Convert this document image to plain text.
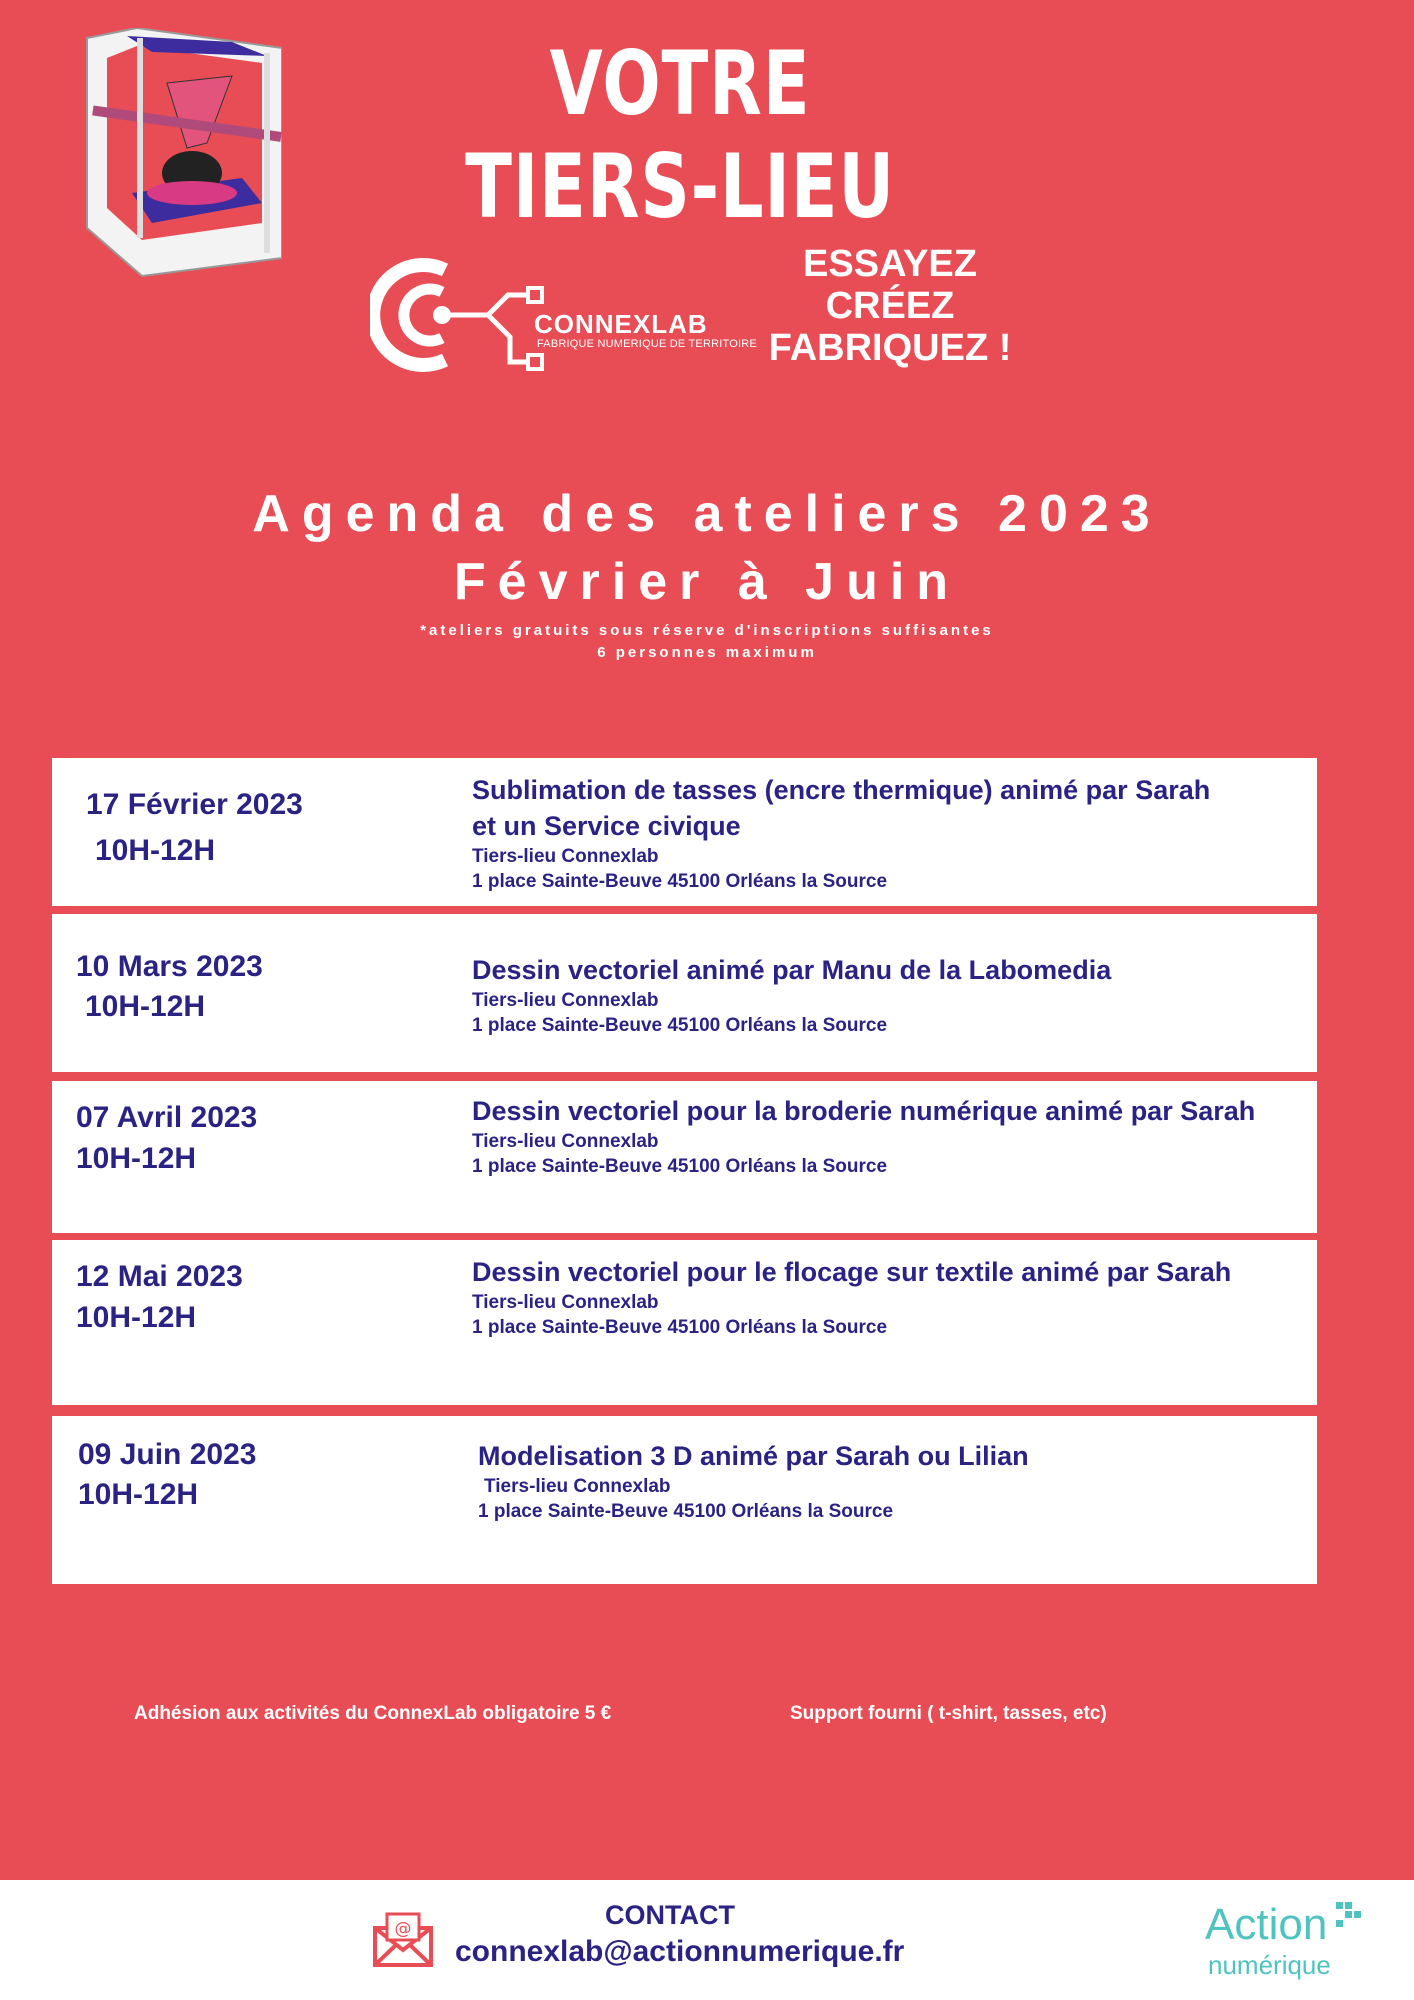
VOTRE TIERS-LIEU
CONNEXLAB
FABRIQUE NUMERIQUE DE TERRITOIRE
ESSAYEZ
CRÉEZ
FABRIQUEZ !
Agenda des ateliers 2023
Février à Juin
*ateliers gratuits sous réserve d'inscriptions suffisantes
6 personnes maximum
17 Février 2023
10H-12H
Sublimation de tasses (encre thermique) animé par Sarah
et un Service civique
Tiers-lieu Connexlab
1 place Sainte-Beuve 45100 Orléans la Source
10 Mars 2023
10H-12H
Dessin vectoriel animé par Manu de la Labomedia
Tiers-lieu Connexlab
1 place Sainte-Beuve 45100 Orléans la Source
07 Avril 2023
10H-12H
Dessin vectoriel pour la broderie numérique animé par Sarah
Tiers-lieu Connexlab
1 place Sainte-Beuve 45100 Orléans la Source
12 Mai 2023
10H-12H
Dessin vectoriel pour le flocage sur textile animé par Sarah
Tiers-lieu Connexlab
1 place Sainte-Beuve 45100 Orléans la Source
09 Juin 2023
10H-12H
Modelisation 3 D animé par Sarah ou Lilian
Tiers-lieu Connexlab
1 place Sainte-Beuve 45100 Orléans la Source
Adhésion aux activités du ConnexLab obligatoire 5 €	Support fourni ( t-shirt, tasses, etc)
@	CONTACT
connexlab@actionnumerique.fr
Action
numérique
